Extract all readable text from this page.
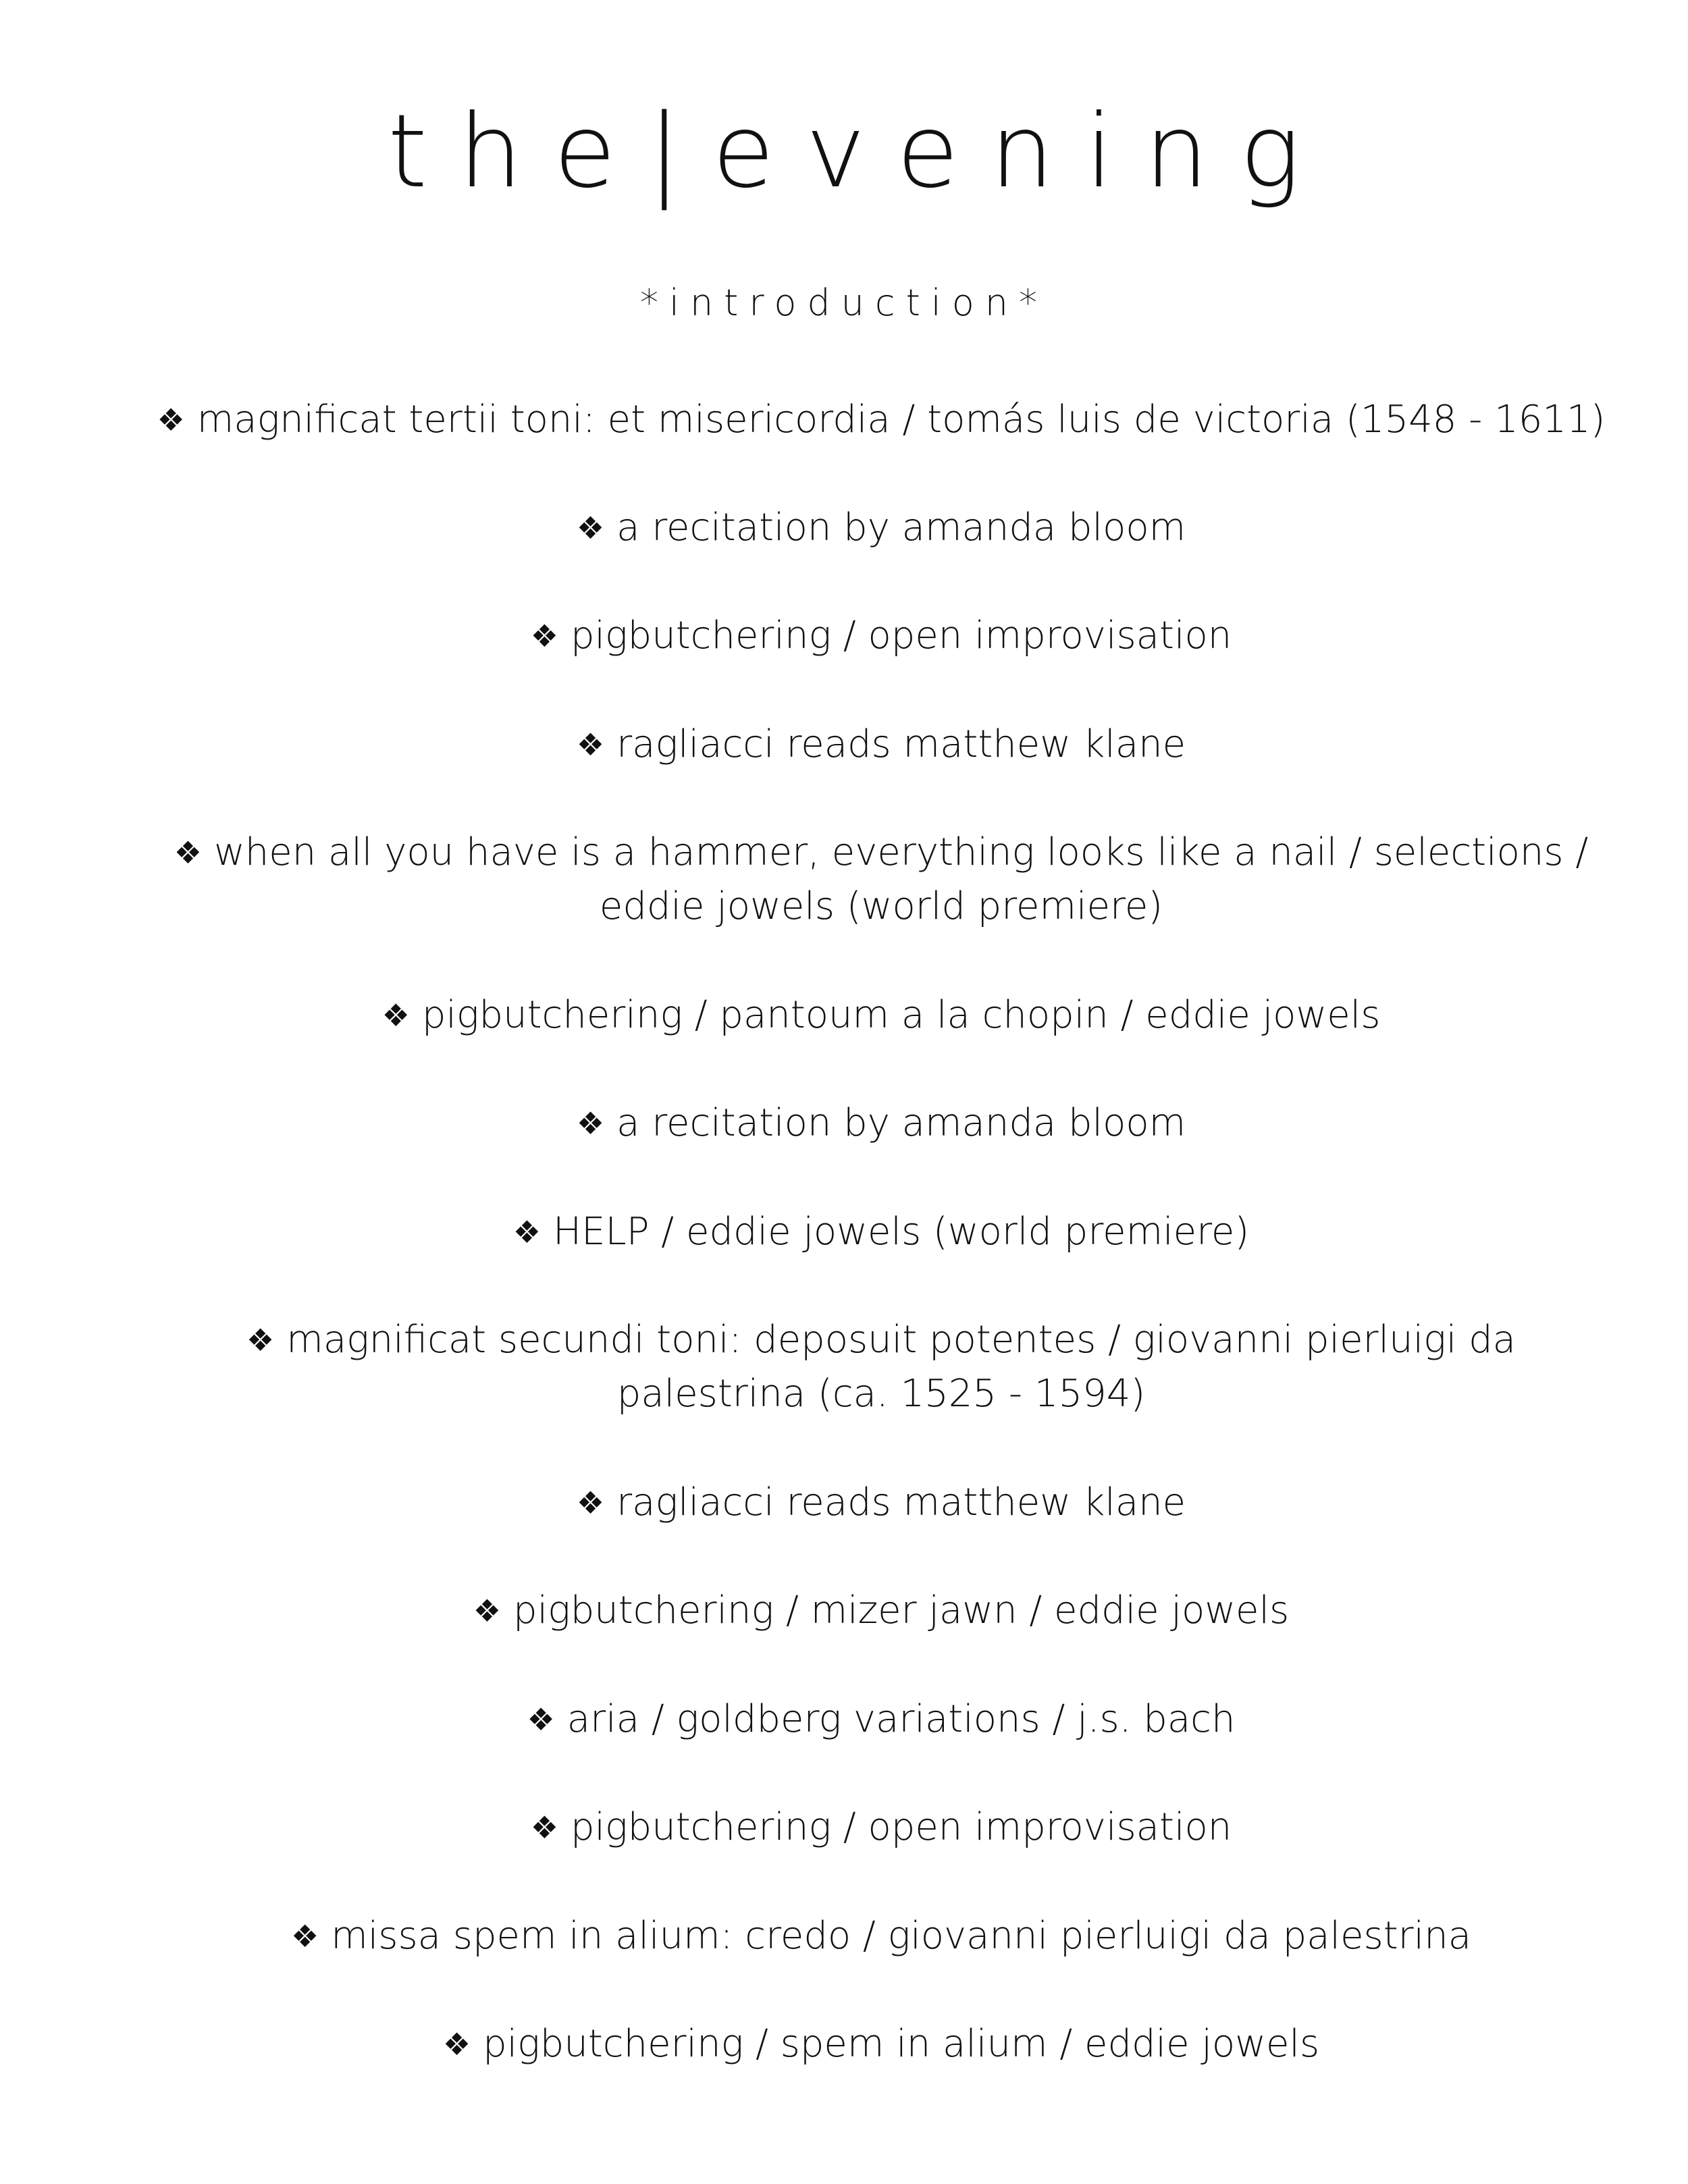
the|evening
*introduction*
❖ magnificat tertii toni: et misericordia / tomás luis de victoria (1548 - 1611)
❖ a recitation by amanda bloom
❖ pigbutchering / open improvisation
❖ ragliacci reads matthew klane
❖ when all you have is a hammer, everything looks like a nail / selections / eddie jowels (world premiere)
❖ pigbutchering / pantoum a la chopin / eddie jowels
❖ a recitation by amanda bloom
❖ HELP / eddie jowels (world premiere)
❖ magnificat secundi toni: deposuit potentes / giovanni pierluigi da palestrina (ca. 1525 - 1594)
❖ ragliacci reads matthew klane
❖ pigbutchering / mizer jawn / eddie jowels
❖ aria / goldberg variations / j.s. bach
❖ pigbutchering / open improvisation
❖ missa spem in alium: credo / giovanni pierluigi da palestrina
❖ pigbutchering / spem in alium / eddie jowels
